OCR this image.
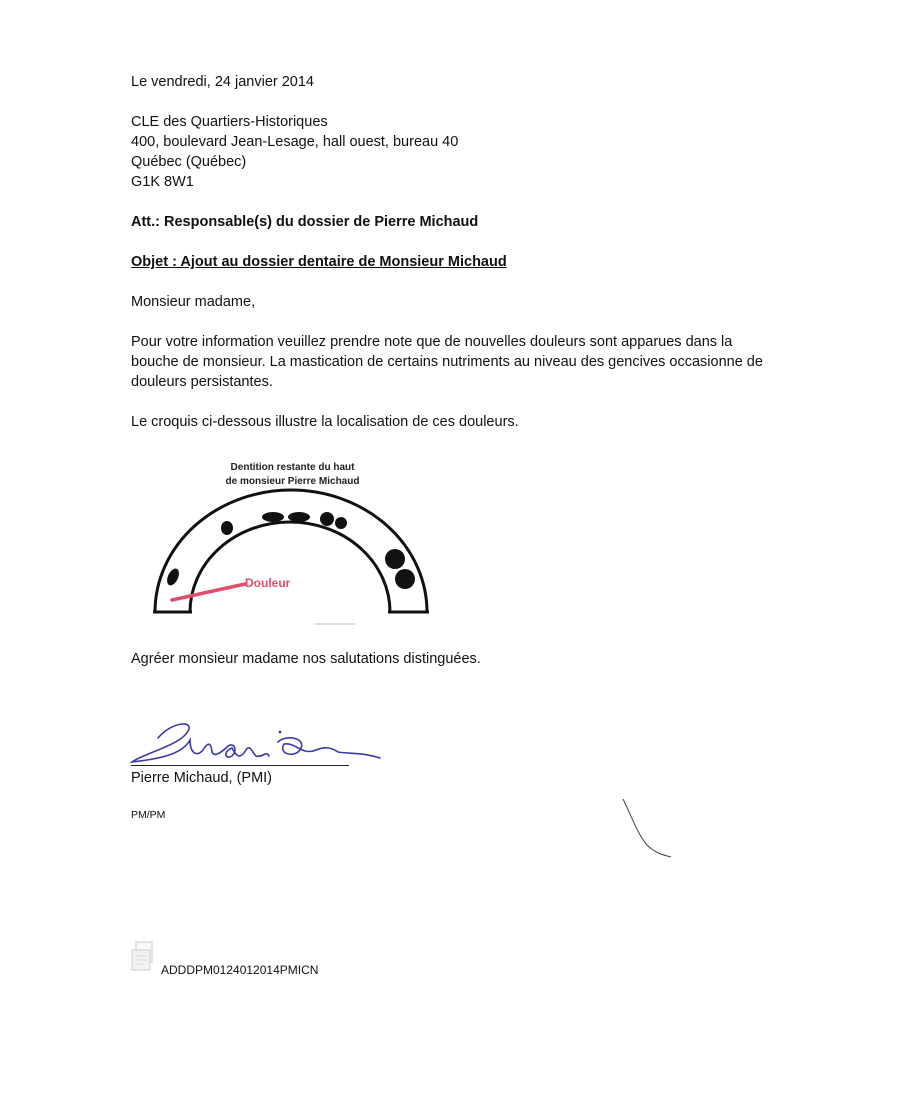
Le vendredi, 24 janvier 2014
CLE des Quartiers-Historiques
400, boulevard Jean-Lesage, hall ouest, bureau 40
Québec (Québec)
G1K 8W1
Att.: Responsable(s) du dossier de Pierre Michaud
Objet : Ajout au dossier dentaire de Monsieur Michaud
Monsieur madame,
Pour votre information veuillez prendre note que de nouvelles douleurs sont apparues dans la bouche de monsieur. La mastication de certains nutriments au niveau des gencives occasionne de douleurs persistantes.
Le croquis ci-dessous illustre la localisation de ces douleurs.
Dentition restante du haut
de monsieur Pierre Michaud
Douleur
Agréer monsieur madame nos salutations distinguées.
Pierre Michaud, (PMI)
PM/PM
ADDDPM0124012014PMICN
